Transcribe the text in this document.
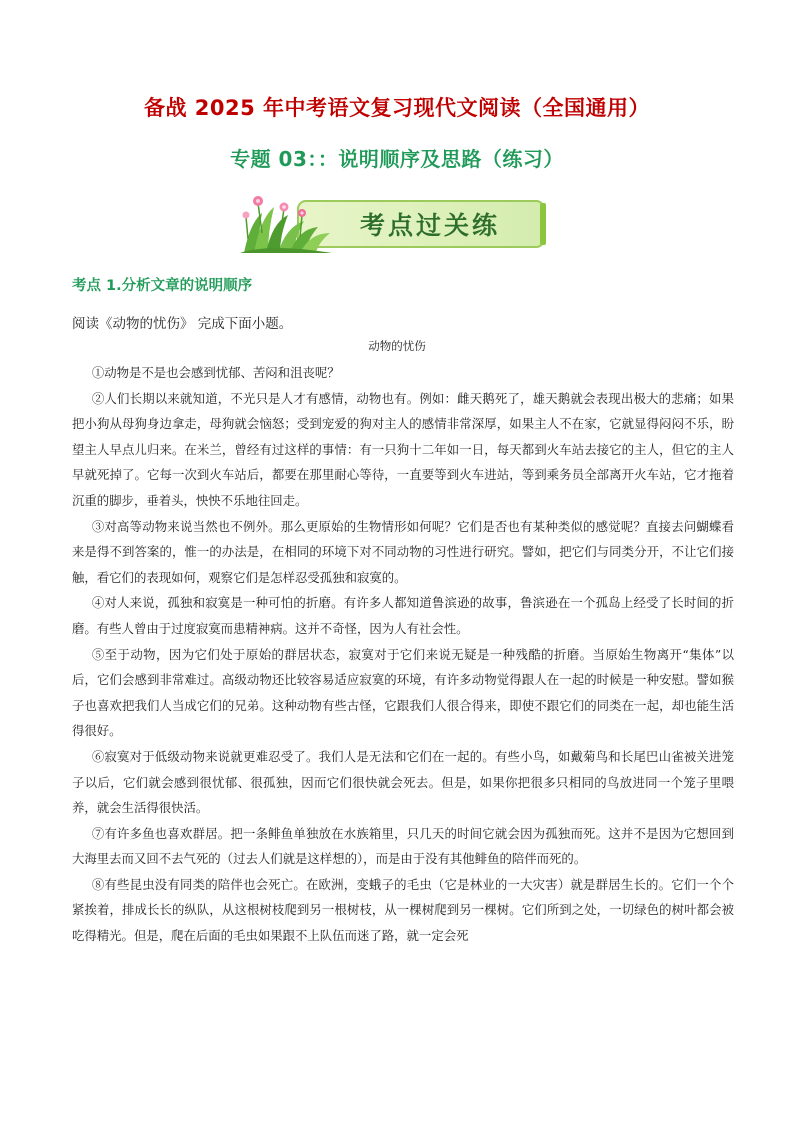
备战 2025 年中考语文复习现代文阅读（全国通用）
专题 03：：说明顺序及思路（练习）
考点过关练
考点 1.分析文章的说明顺序
阅读《动物的忧伤》 完成下面小题。
动物的忧伤

①动物是不是也会感到忧郁、苦闷和沮丧呢？

②人们长期以来就知道，不光只是人才有感情，动物也有。例如：雌天鹅死了，雄天鹅就会表现出极大的悲痛；如果把小狗从母狗身边拿走，母狗就会恼怒；受到宠爱的狗对主人的感情非常深厚，如果主人不在家，它就显得闷闷不乐，盼望主人早点儿归来。在米兰，曾经有过这样的事情：有一只狗十二年如一日，每天都到火车站去接它的主人，但它的主人早就死掉了。它每一次到火车站后，都要在那里耐心等待，一直要等到火车进站，等到乘务员全部离开火车站，它才拖着沉重的脚步，垂着头，怏怏不乐地往回走。

③对高等动物来说当然也不例外。那么更原始的生物情形如何呢？它们是否也有某种类似的感觉呢？直接去问蝴蝶看来是得不到答案的，惟一的办法是，在相同的环境下对不同动物的习性进行研究。譬如，把它们与同类分开，不让它们接触，看它们的表现如何，观察它们是怎样忍受孤独和寂寞的。

④对人来说，孤独和寂寞是一种可怕的折磨。有许多人都知道鲁滨逊的故事，鲁滨逊在一个孤岛上经受了长时间的折磨。有些人曾由于过度寂寞而患精神病。这并不奇怪，因为人有社会性。

⑤至于动物，因为它们处于原始的群居状态，寂寞对于它们来说无疑是一种残酷的折磨。当原始生物离开“集体”以后，它们会感到非常难过。高级动物还比较容易适应寂寞的环境，有许多动物觉得跟人在一起的时候是一种安慰。譬如猴子也喜欢把我们人当成它们的兄弟。这种动物有些古怪，它跟我们人很合得来，即使不跟它们的同类在一起，却也能生活得很好。

⑥寂寞对于低级动物来说就更难忍受了。我们人是无法和它们在一起的。有些小鸟，如戴菊鸟和长尾巴山雀被关进笼子以后，它们就会感到很忧郁、很孤独，因而它们很快就会死去。但是，如果你把很多只相同的鸟放进同一个笼子里喂养，就会生活得很快活。

⑦有许多鱼也喜欢群居。把一条鲱鱼单独放在水族箱里，只几天的时间它就会因为孤独而死。这并不是因为它想回到大海里去而又回不去气死的（过去人们就是这样想的），而是由于没有其他鲱鱼的陪伴而死的。

⑧有些昆虫没有同类的陪伴也会死亡。在欧洲，变蛾子的毛虫（它是林业的一大灾害）就是群居生长的。它们一个个紧挨着，排成长长的纵队，从这根树枝爬到另一根树枝，从一棵树爬到另一棵树。它们所到之处，一切绿色的树叶都会被吃得精光。但是，爬在后面的毛虫如果跟不上队伍而迷了路，就一定会死
